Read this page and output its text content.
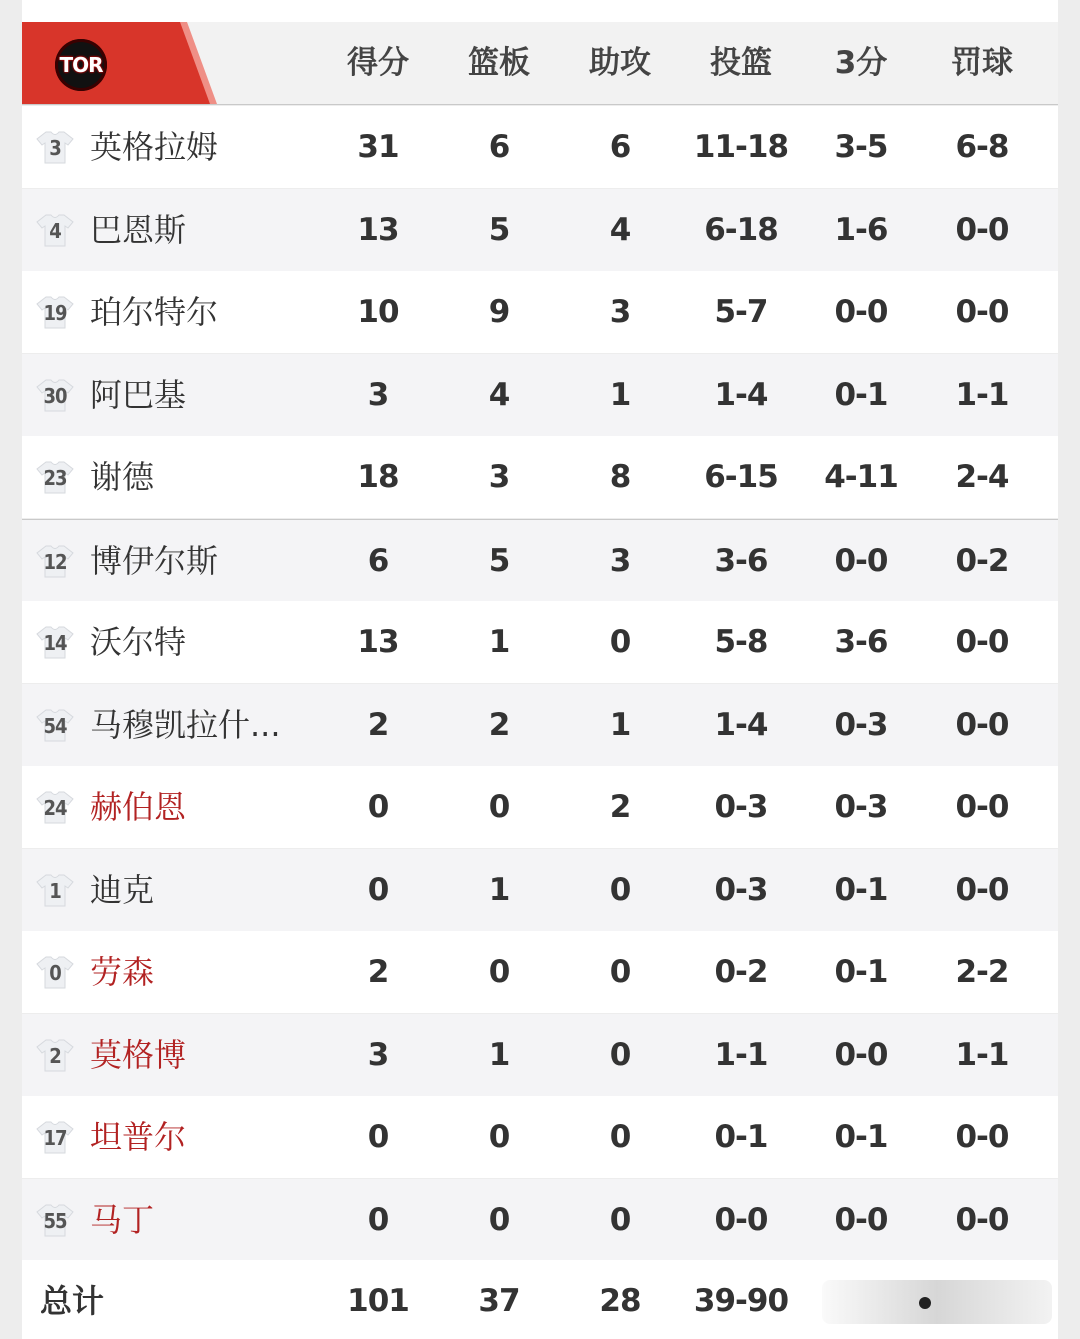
TOR	得分	篮板	助攻	投篮	3分	罚球
3 英格拉姆	31	6	6	11-18	3-5	6-8
4 巴恩斯	13	5	4	6-18	1-6	0-0
19 珀尔特尔	10	9	3	5-7	0-0	0-0
30 阿巴基	3	4	1	1-4	0-1	1-1
23 谢德	18	3	8	6-15	4-11	2-4
12 博伊尔斯	6	5	3	3-6	0-0	0-2
14 沃尔特	13	1	0	5-8	3-6	0-0
54 马穆凯拉什...	2	2	1	1-4	0-3	0-0
24 赫伯恩	0	0	2	0-3	0-3	0-0
1 迪克	0	1	0	0-3	0-1	0-0
0 劳森	2	0	0	0-2	0-1	2-2
2 莫格博	3	1	0	1-1	0-0	1-1
17 坦普尔	0	0	0	0-1	0-1	0-0
55 马丁	0	0	0	0-0	0-0	0-0
总计	101	37	28	39-90
